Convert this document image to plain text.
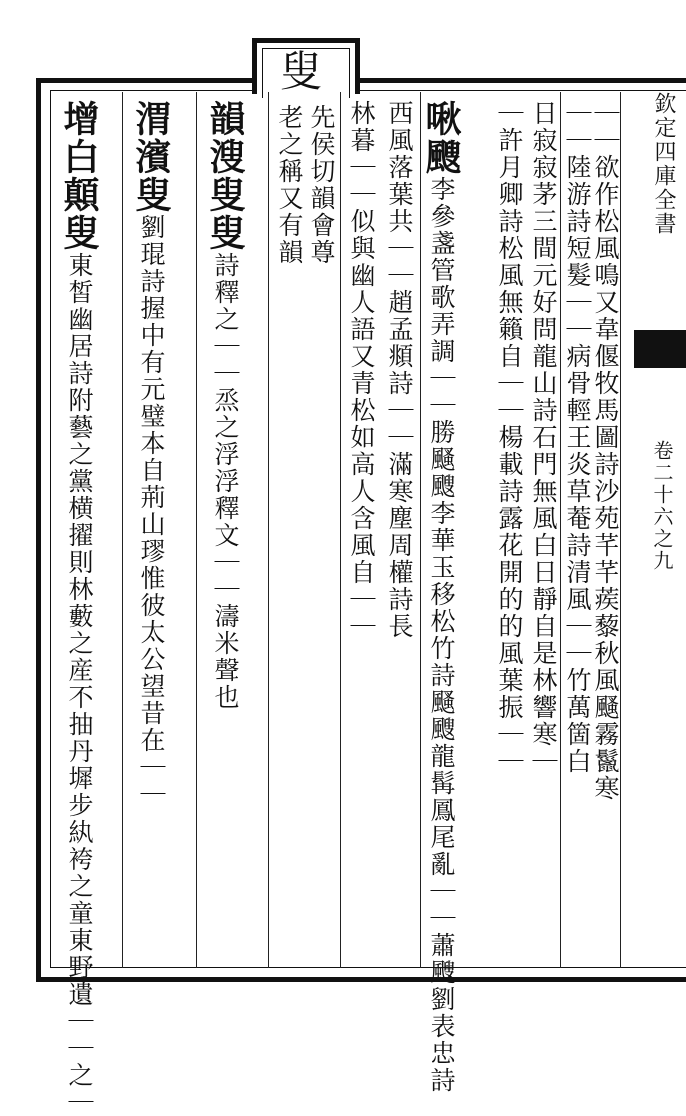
叟
欽定四庫全書
卷二十六之九
｜｜欲作松風鳴又韋偃牧馬圖詩沙苑芊芊蒺藜秋風颾霧鬣寒
｜｜陸游詩短髮｜｜病骨輕王炎草菴詩清風｜｜竹萬箇白
日寂寂茅三間元好問龍山詩石門無風白日靜自是林響寒｜
｜許月卿詩松風無籟自｜｜楊載詩露花開的的風葉振｜｜
啾颼李參盞管歌弄調｜｜勝颾颼李華玉移松竹詩颾颼龍髯鳳尾亂｜｜蕭颼劉表忠詩
西風落葉共｜｜趙孟頫詩｜｜滿寒塵周權詩長
林暮｜｜似與幽人語又青松如高人含風自｜｜
先侯切韻會尊
老之稱又有韻
韻溲叟叟詩釋之｜｜烝之浮浮釋文｜｜濤米聲也
渭濱叟劉琨詩握中有元璧本自荊山璆惟彼太公望昔在｜｜
增白顛叟東皙幽居詩附藝之黨横擢則林藪之産不抽丹墀步紈袴之童東野遺｜｜之｜
